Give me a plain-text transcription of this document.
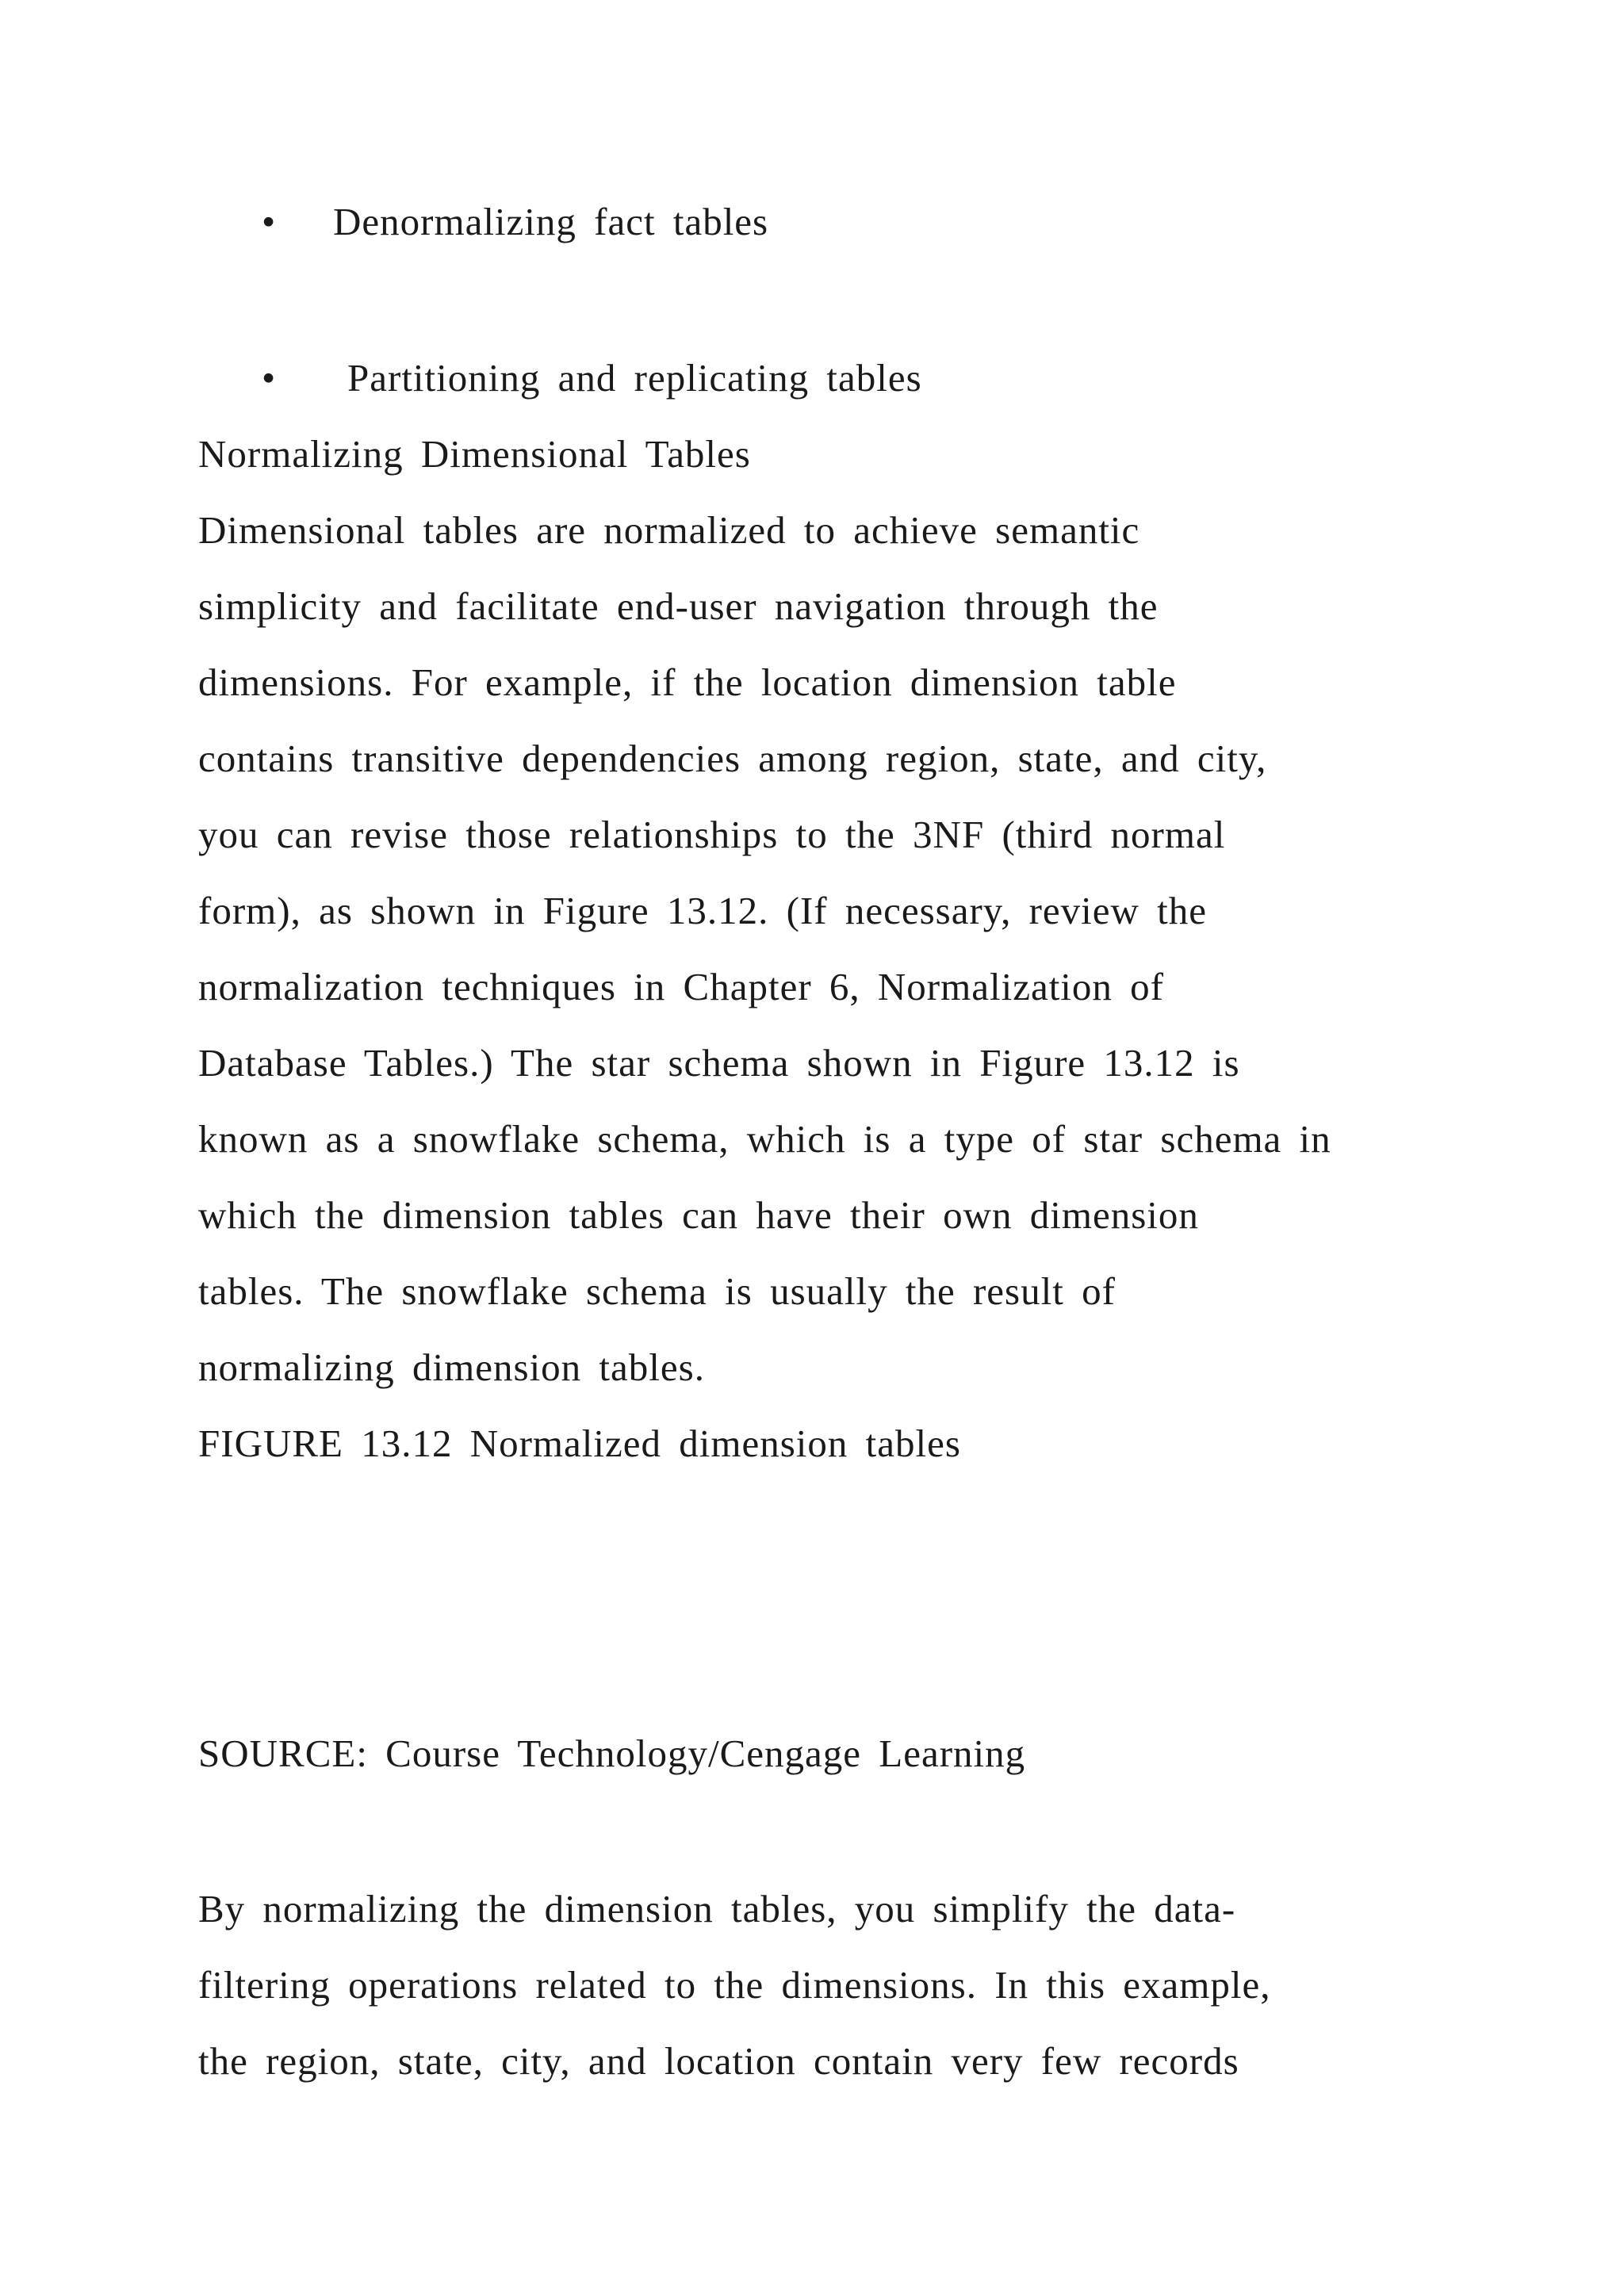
• Denormalizing fact tables
• Partitioning and replicating tables
Normalizing Dimensional Tables
Dimensional tables are normalized to achieve semantic
simplicity and facilitate end-user navigation through the
dimensions. For example, if the location dimension table
contains transitive dependencies among region, state, and city,
you can revise those relationships to the 3NF (third normal
form), as shown in Figure 13.12. (If necessary, review the
normalization techniques in Chapter 6, Normalization of
Database Tables.) The star schema shown in Figure 13.12 is
known as a snowflake schema, which is a type of star schema in
which the dimension tables can have their own dimension
tables. The snowflake schema is usually the result of
normalizing dimension tables.
FIGURE 13.12 Normalized dimension tables
SOURCE: Course Technology/Cengage Learning
By normalizing the dimension tables, you simplify the data-
filtering operations related to the dimensions. In this example,
the region, state, city, and location contain very few records
